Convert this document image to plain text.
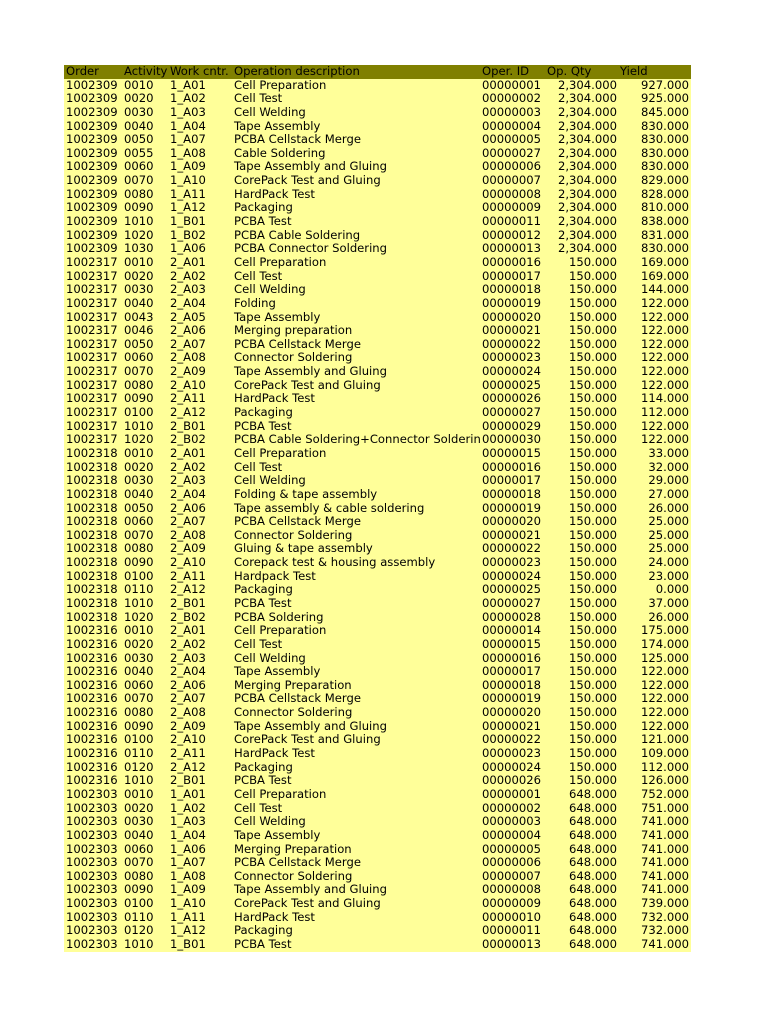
Order Activity Work cntr. Operation description	Oper. ID	Op. Qty	Yield
1002309 0010 1_A01 Cell Preparation	00000001	2,304.000	927.000
1002309 0020 1_A02 Cell Test	00000002	2,304.000	925.000
1002309 0030 1_A03 Cell Welding	00000003	2,304.000	845.000
1002309 0040 1_A04 Tape Assembly	00000004	2,304.000	830.000
1002309 0050 1_A07 PCBA Cellstack Merge	00000005	2,304.000	830.000
1002309 0055 1_A08 Cable Soldering	00000027	2,304.000	830.000
1002309 0060 1_A09 Tape Assembly and Gluing	00000006	2,304.000	830.000
1002309 0070 1_A10 CorePack Test and Gluing	00000007	2,304.000	829.000
1002309 0080 1_A11 HardPack Test	00000008	2,304.000	828.000
1002309 0090 1_A12 Packaging	00000009	2,304.000	810.000
1002309 1010 1_B01 PCBA Test	00000011	2,304.000	838.000
1002309 1020 1_B02 PCBA Cable Soldering	00000012	2,304.000	831.000
1002309 1030 1_A06 PCBA Connector Soldering	00000013	2,304.000	830.000
1002317 0010 2_A01 Cell Preparation	00000016	150.000	169.000
1002317 0020 2_A02 Cell Test	00000017	150.000	169.000
1002317 0030 2_A03 Cell Welding	00000018	150.000	144.000
1002317 0040 2_A04 Folding	00000019	150.000	122.000
1002317 0043 2_A05 Tape Assembly	00000020	150.000	122.000
1002317 0046 2_A06 Merging preparation	00000021	150.000	122.000
1002317 0050 2_A07 PCBA Cellstack Merge	00000022	150.000	122.000
1002317 0060 2_A08 Connector Soldering	00000023	150.000	122.000
1002317 0070 2_A09 Tape Assembly and Gluing	00000024	150.000	122.000
1002317 0080 2_A10 CorePack Test and Gluing	00000025	150.000	122.000
1002317 0090 2_A11 HardPack Test	00000026	150.000	114.000
1002317 0100 2_A12 Packaging	00000027	150.000	112.000
1002317 1010 2_B01 PCBA Test	00000029	150.000	122.000
1002317 1020 2_B02 PCBA Cable Soldering+Connector Solderin 00000030	150.000	122.000
1002318 0010 2_A01 Cell Preparation	00000015	150.000	33.000
1002318 0020 2_A02 Cell Test	00000016	150.000	32.000
1002318 0030 2_A03 Cell Welding	00000017	150.000	29.000
1002318 0040 2_A04 Folding & tape assembly	00000018	150.000	27.000
1002318 0050 2_A06 Tape assembly & cable soldering	00000019	150.000	26.000
1002318 0060 2_A07 PCBA Cellstack Merge	00000020	150.000	25.000
1002318 0070 2_A08 Connector Soldering	00000021	150.000	25.000
1002318 0080 2_A09 Gluing & tape assembly	00000022	150.000	25.000
1002318 0090 2_A10 Corepack test & housing assembly	00000023	150.000	24.000
1002318 0100 2_A11 Hardpack Test	00000024	150.000	23.000
1002318 0110 2_A12 Packaging	00000025	150.000	0.000
1002318 1010 2_B01 PCBA Test	00000027	150.000	37.000
1002318 1020 2_B02 PCBA Soldering	00000028	150.000	26.000
1002316 0010 2_A01 Cell Preparation	00000014	150.000	175.000
1002316 0020 2_A02 Cell Test	00000015	150.000	174.000
1002316 0030 2_A03 Cell Welding	00000016	150.000	125.000
1002316 0040 2_A04 Tape Assembly	00000017	150.000	122.000
1002316 0060 2_A06 Merging Preparation	00000018	150.000	122.000
1002316 0070 2_A07 PCBA Cellstack Merge	00000019	150.000	122.000
1002316 0080 2_A08 Connector Soldering	00000020	150.000	122.000
1002316 0090 2_A09 Tape Assembly and Gluing	00000021	150.000	122.000
1002316 0100 2_A10 CorePack Test and Gluing	00000022	150.000	121.000
1002316 0110 2_A11 HardPack Test	00000023	150.000	109.000
1002316 0120 2_A12 Packaging	00000024	150.000	112.000
1002316 1010 2_B01 PCBA Test	00000026	150.000	126.000
1002303 0010 1_A01 Cell Preparation	00000001	648.000	752.000
1002303 0020 1_A02 Cell Test	00000002	648.000	751.000
1002303 0030 1_A03 Cell Welding	00000003	648.000	741.000
1002303 0040 1_A04 Tape Assembly	00000004	648.000	741.000
1002303 0060 1_A06 Merging Preparation	00000005	648.000	741.000
1002303 0070 1_A07 PCBA Cellstack Merge	00000006	648.000	741.000
1002303 0080 1_A08 Connector Soldering	00000007	648.000	741.000
1002303 0090 1_A09 Tape Assembly and Gluing	00000008	648.000	741.000
1002303 0100 1_A10 CorePack Test and Gluing	00000009	648.000	739.000
1002303 0110 1_A11 HardPack Test	00000010	648.000	732.000
1002303 0120 1_A12 Packaging	00000011	648.000	732.000
1002303 1010 1_B01 PCBA Test	00000013	648.000	741.000
